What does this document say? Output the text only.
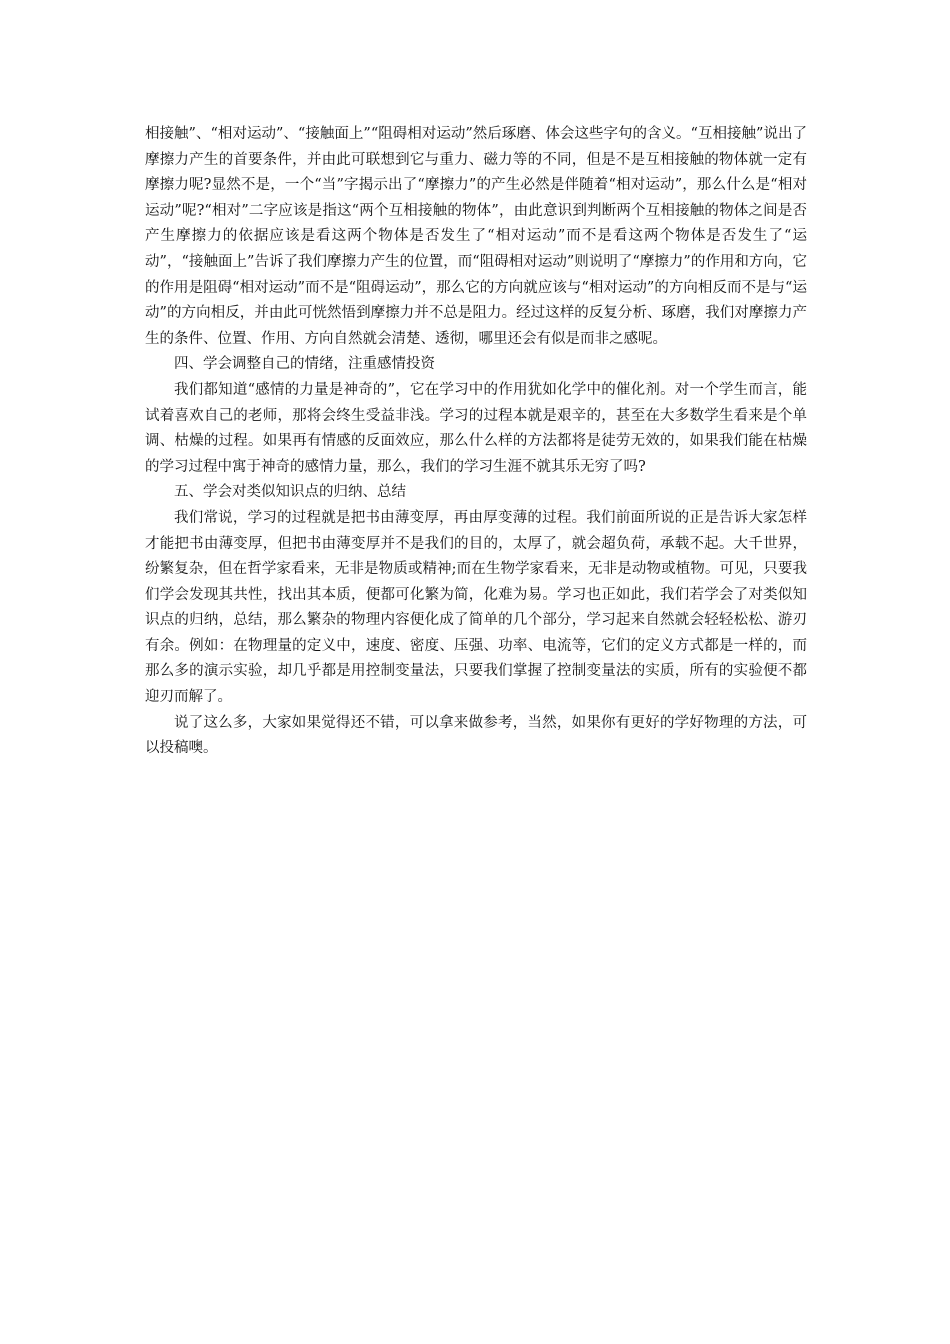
相接触”、“相对运动”、“接触面上”“阻碍相对运动”然后琢磨、体会这些字句的含义。“互相接触”说出了摩擦力产生的首要条件，并由此可联想到它与重力、磁力等的不同，但是不是互相接触的物体就一定有摩擦力呢?显然不是，一个“当”字揭示出了“摩擦力”的产生必然是伴随着“相对运动”，那么什么是“相对运动”呢?“相对”二字应该是指这“两个互相接触的物体”，由此意识到判断两个互相接触的物体之间是否产生摩擦力的依据应该是看这两个物体是否发生了“相对运动”而不是看这两个物体是否发生了“运动”，“接触面上”告诉了我们摩擦力产生的位置，而“阻碍相对运动”则说明了“摩擦力”的作用和方向，它的作用是阻碍“相对运动”而不是“阻碍运动”，那么它的方向就应该与“相对运动”的方向相反而不是与“运动”的方向相反，并由此可恍然悟到摩擦力并不总是阻力。经过这样的反复分析、琢磨，我们对摩擦力产生的条件、位置、作用、方向自然就会清楚、透彻，哪里还会有似是而非之感呢。

四、学会调整自己的情绪，注重感情投资

我们都知道“感情的力量是神奇的”，它在学习中的作用犹如化学中的催化剂。对一个学生而言，能试着喜欢自己的老师，那将会终生受益非浅。学习的过程本就是艰辛的，甚至在大多数学生看来是个单调、枯燥的过程。如果再有情感的反面效应，那么什么样的方法都将是徒劳无效的，如果我们能在枯燥的学习过程中寓于神奇的感情力量，那么，我们的学习生涯不就其乐无穷了吗?

五、学会对类似知识点的归纳、总结

我们常说，学习的过程就是把书由薄变厚，再由厚变薄的过程。我们前面所说的正是告诉大家怎样才能把书由薄变厚，但把书由薄变厚并不是我们的目的，太厚了，就会超负荷，承载不起。大千世界，纷繁复杂，但在哲学家看来，无非是物质或精神;而在生物学家看来，无非是动物或植物。可见，只要我们学会发现其共性，找出其本质，便都可化繁为简，化难为易。学习也正如此，我们若学会了对类似知识点的归纳，总结，那么繁杂的物理内容便化成了简单的几个部分，学习起来自然就会轻轻松松、游刃有余。例如：在物理量的定义中，速度、密度、压强、功率、电流等，它们的定义方式都是一样的，而那么多的演示实验，却几乎都是用控制变量法，只要我们掌握了控制变量法的实质，所有的实验便不都迎刃而解了。

说了这么多，大家如果觉得还不错，可以拿来做参考，当然，如果你有更好的学好物理的方法，可以投稿噢。
